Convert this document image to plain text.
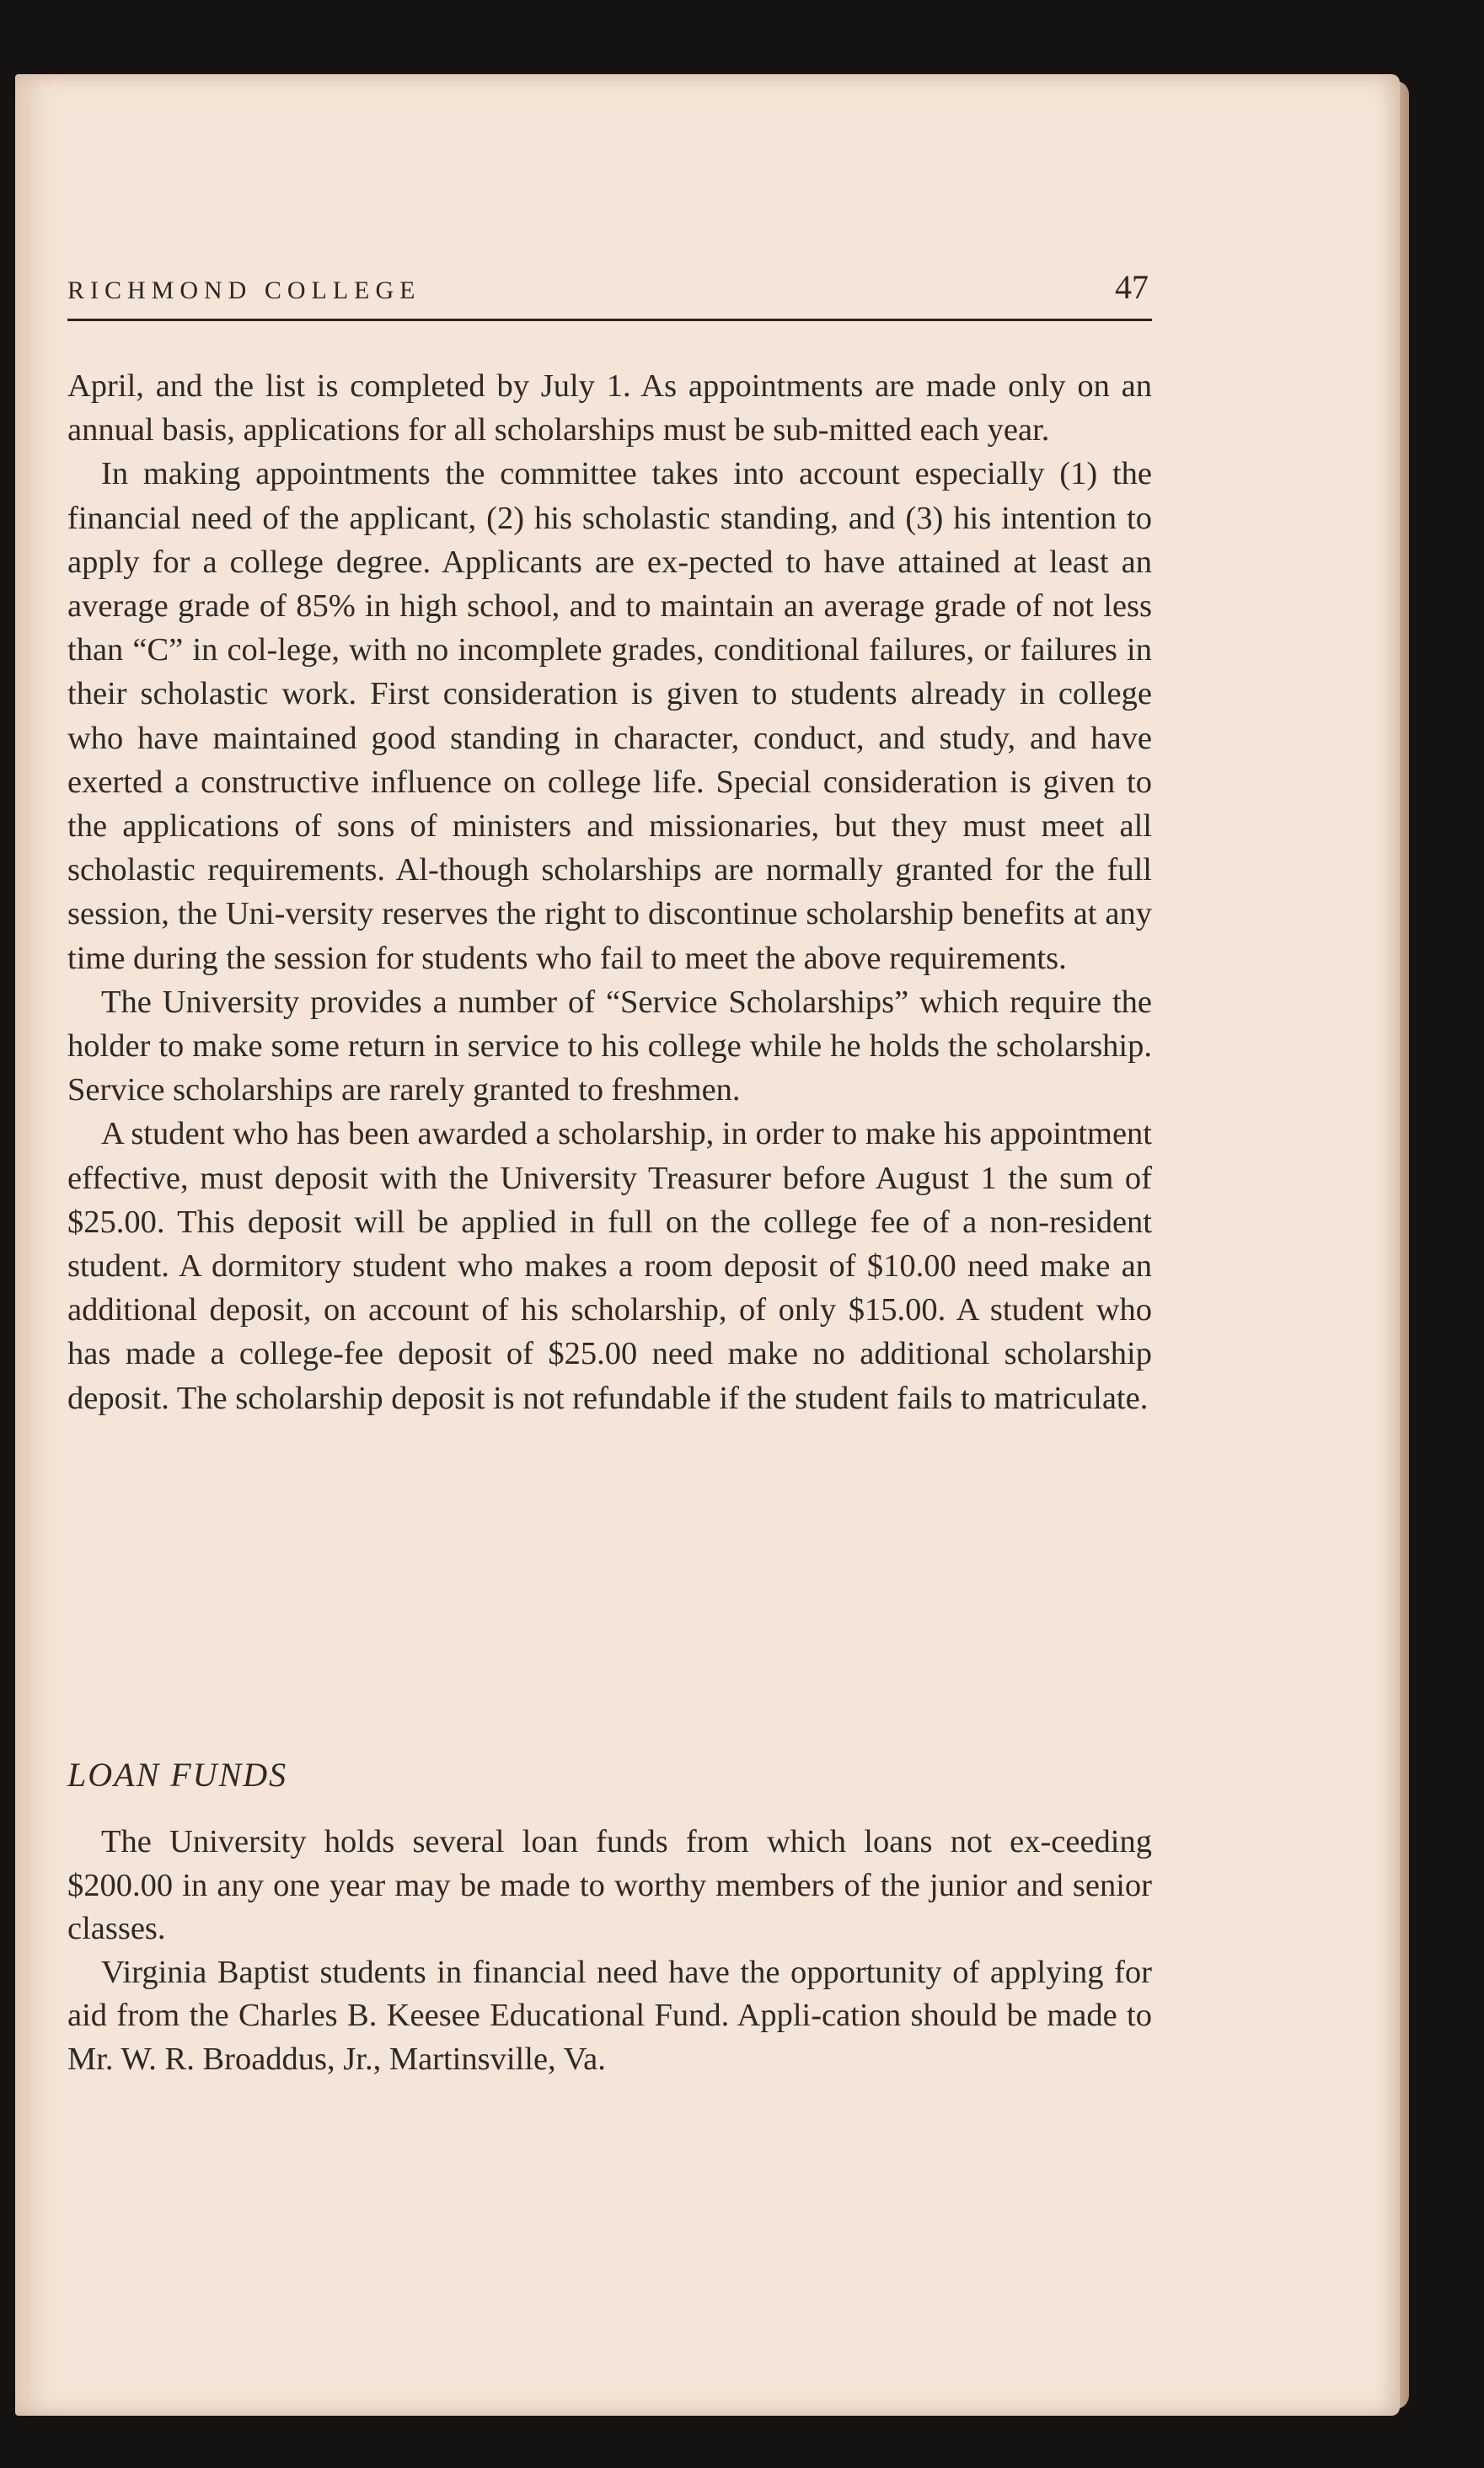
RICHMOND COLLEGE	47

April, and the list is completed by July 1. As appointments are made only on an annual basis, applications for all scholarships must be sub-mitted each year.

In making appointments the committee takes into account especially (1) the financial need of the applicant, (2) his scholastic standing, and (3) his intention to apply for a college degree. Applicants are ex-pected to have attained at least an average grade of 85% in high school, and to maintain an average grade of not less than “C” in col-lege, with no incomplete grades, conditional failures, or failures in their scholastic work. First consideration is given to students already in college who have maintained good standing in character, conduct, and study, and have exerted a constructive influence on college life. Special consideration is given to the applications of sons of ministers and missionaries, but they must meet all scholastic requirements. Al-though scholarships are normally granted for the full session, the Uni-versity reserves the right to discontinue scholarship benefits at any time during the session for students who fail to meet the above requirements.

The University provides a number of “Service Scholarships” which require the holder to make some return in service to his college while he holds the scholarship. Service scholarships are rarely granted to freshmen.

A student who has been awarded a scholarship, in order to make his appointment effective, must deposit with the University Treasurer before August 1 the sum of $25.00. This deposit will be applied in full on the college fee of a non-resident student. A dormitory student who makes a room deposit of $10.00 need make an additional deposit, on account of his scholarship, of only $15.00. A student who has made a college-fee deposit of $25.00 need make no additional scholarship deposit. The scholarship deposit is not refundable if the student fails to matriculate.

LOAN FUNDS

The University holds several loan funds from which loans not ex-ceeding $200.00 in any one year may be made to worthy members of the junior and senior classes.

Virginia Baptist students in financial need have the opportunity of applying for aid from the Charles B. Keesee Educational Fund. Appli-cation should be made to Mr. W. R. Broaddus, Jr., Martinsville, Va.
